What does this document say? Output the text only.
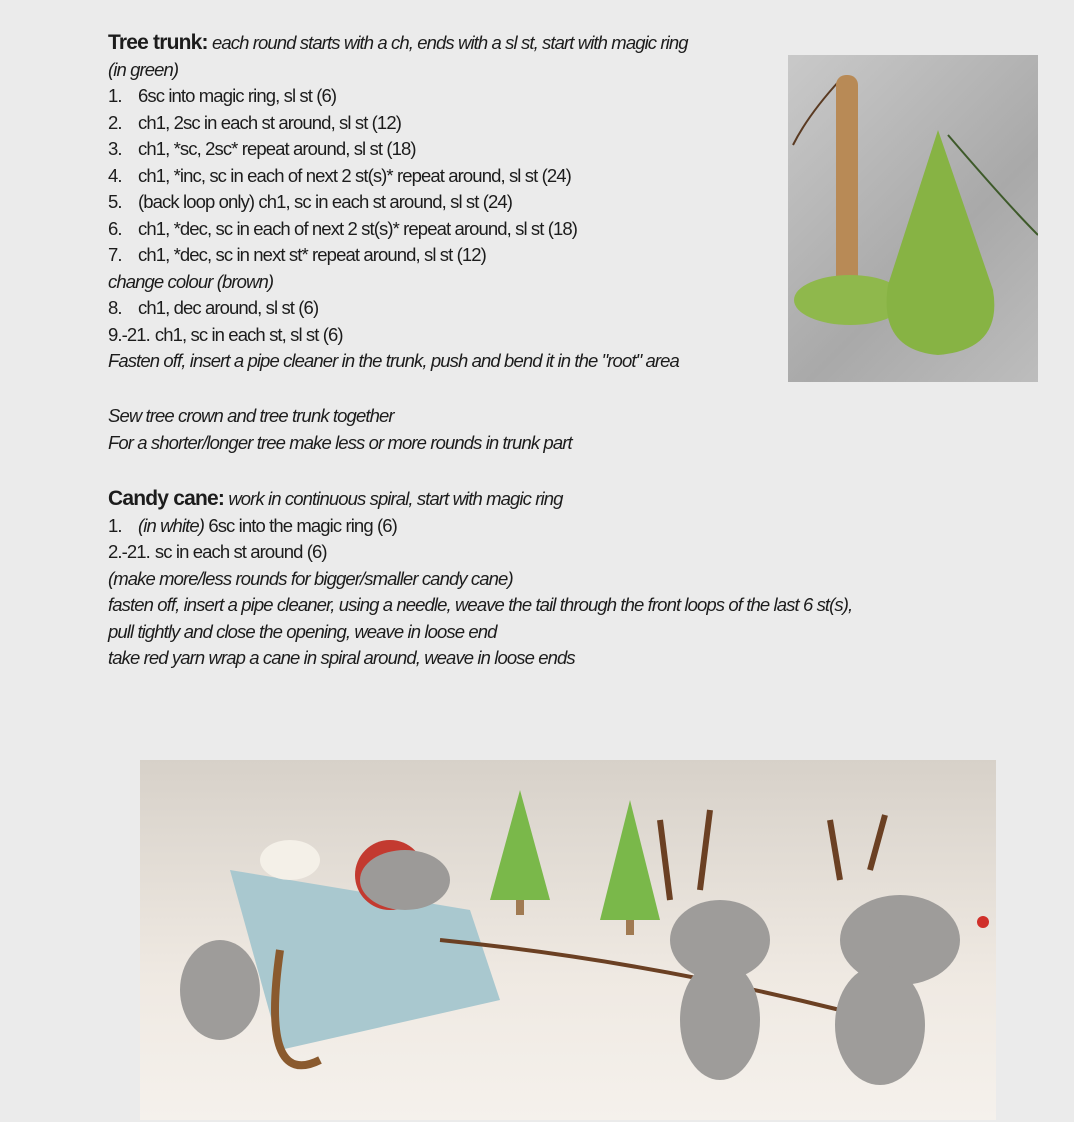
Tree trunk: each round starts with a ch, ends with a sl st, start with magic ring
(in green)
1. 6sc into magic ring, sl st (6)
2. ch1, 2sc in each st around, sl st (12)
3. ch1, *sc, 2sc* repeat around, sl st (18)
4. ch1, *inc, sc in each of next 2 st(s)* repeat around, sl st (24)
5. (back loop only) ch1, sc in each st around, sl st (24)
6. ch1, *dec, sc in each of next 2 st(s)* repeat around, sl st (18)
7. ch1, *dec, sc in next st* repeat around, sl st (12)
change colour (brown)
8. ch1, dec around, sl st (6)
9.-21. ch1, sc in each st, sl st (6)
Fasten off, insert a pipe cleaner in the trunk, push and bend it in the "root" area
Sew tree crown and tree trunk together
For a shorter/longer tree make less or more rounds in trunk part
Candy cane: work in continuous spiral, start with magic ring
1. (in white) 6sc into the magic ring (6)
2.-21. sc in each st around (6)
(make more/less rounds for bigger/smaller candy cane)
fasten off, insert a pipe cleaner, using a needle, weave the tail through the front loops of the last 6 st(s),
pull tightly and close the opening, weave in loose end
take red yarn wrap a cane in spiral around, weave in loose ends
